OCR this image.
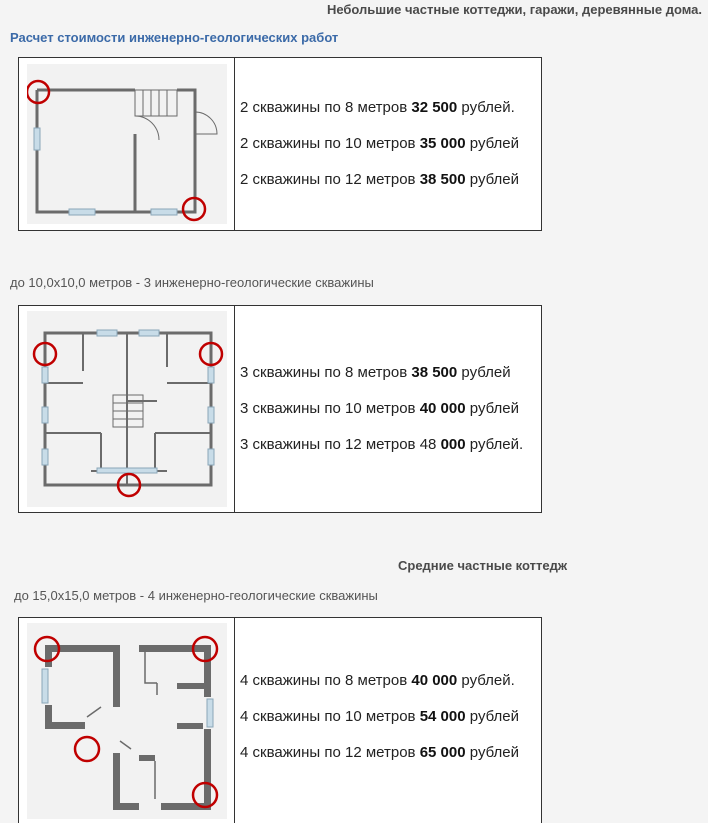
Небольшие частные коттеджи, гаражи, деревянные дома.
Расчет стоимости инженерно-геологических работ
2 скважины по 8 метров 32 500 рублей.
2 скважины по 10 метров 35 000 рублей
2 скважины по 12 метров 38 500 рублей
до 10,0х10,0 метров - 3 инженерно-геологические скважины
3 скважины по 8 метров 38 500 рублей
3 скважины по 10 метров 40 000 рублей
3 скважины по 12 метров 48 000 рублей.
Средние частные коттедж
до 15,0х15,0 метров - 4 инженерно-геологические скважины
4 скважины по 8 метров 40 000 рублей.
4 скважины по 10 метров 54 000 рублей
4 скважины по 12 метров 65 000 рублей
